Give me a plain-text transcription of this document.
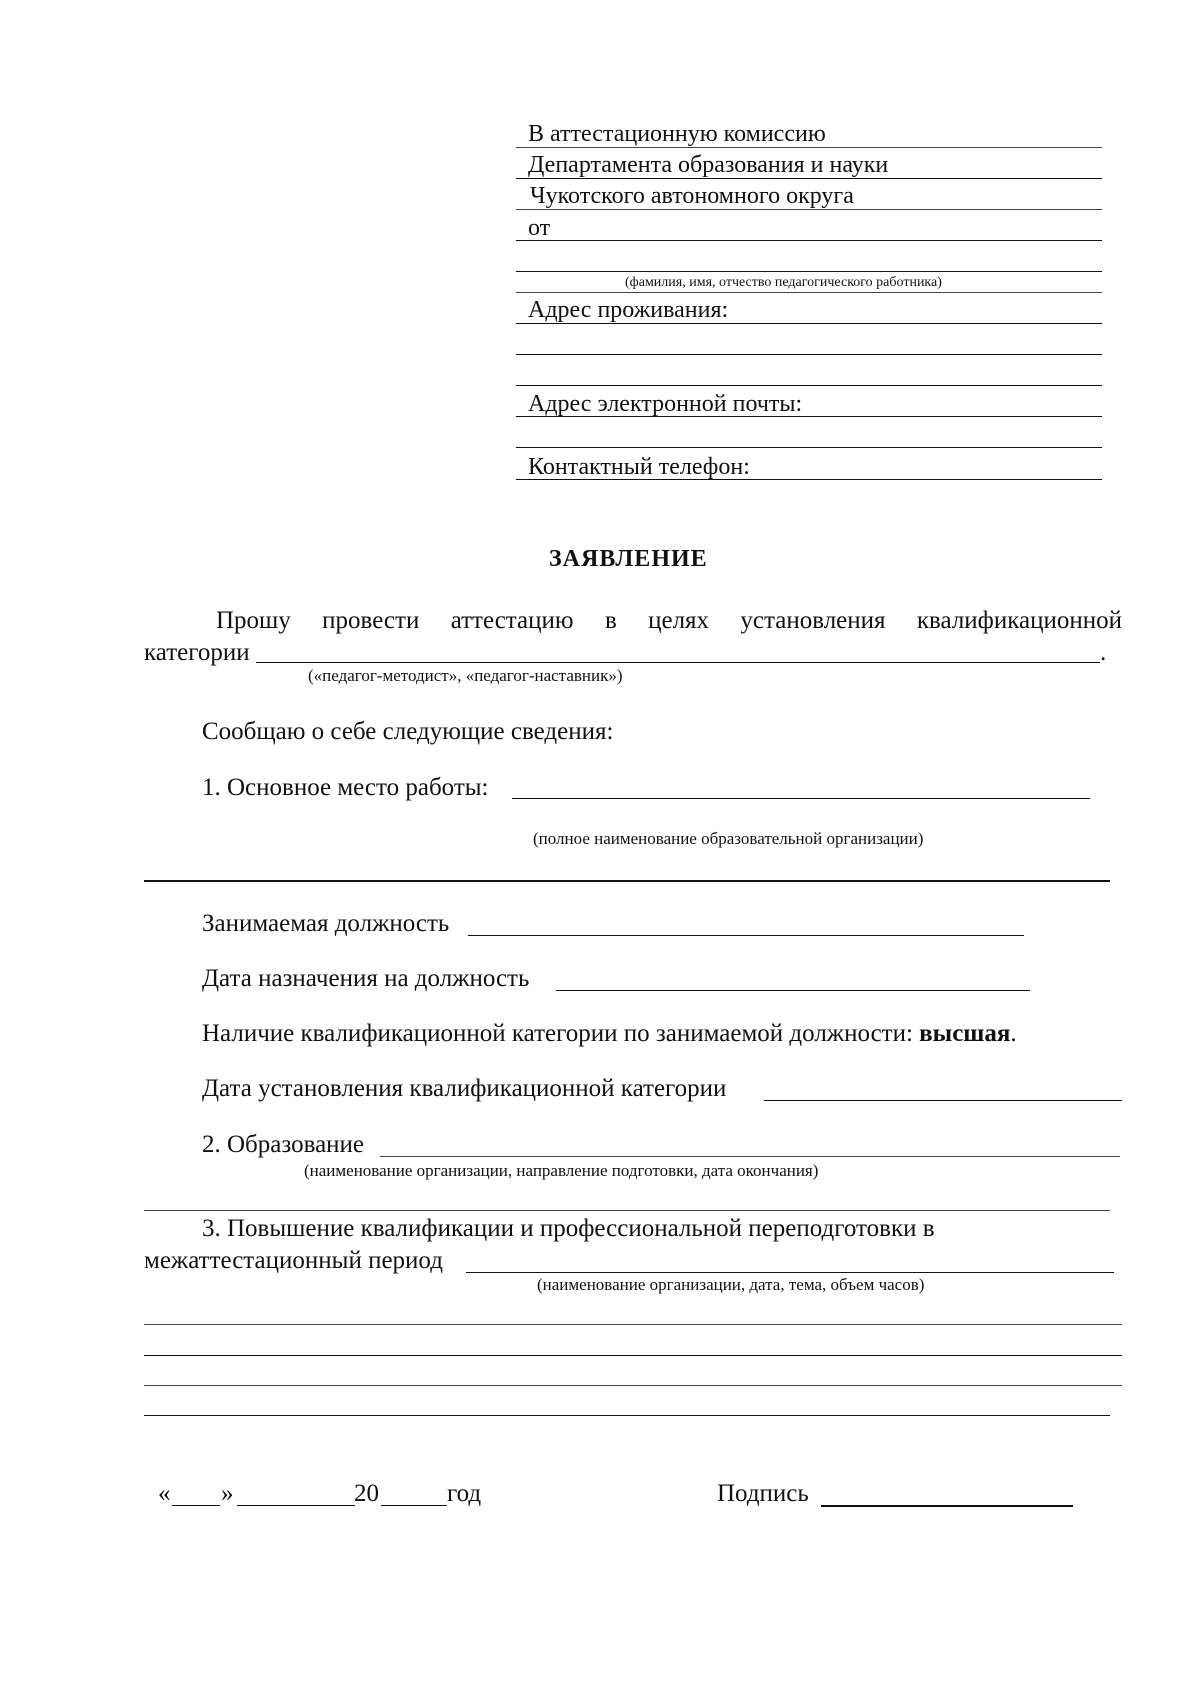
В аттестационную комиссию
Департамента образования и науки
Чукотского автономного округа
от
(фамилия, имя, отчество педагогического работника)
Адрес проживания:
Адрес электронной почты:
Контактный телефон:
ЗАЯВЛЕНИЕ
Прошу провести аттестацию в целях установления квалификационной
категории	.
(«педагог-методист», «педагог-наставник»)
Сообщаю о себе следующие сведения:
1. Основное место работы:
(полное наименование образовательной организации)
Занимаемая должность
Дата назначения на должность
Наличие квалификационной категории по занимаемой должности: высшая.
Дата установления квалификационной категории
2. Образование
(наименование организации, направление подготовки, дата окончания)
3. Повышение квалификации и профессиональной переподготовки в
межаттестационный период
(наименование организации, дата, тема, объем часов)
« »	20	год	Подпись
